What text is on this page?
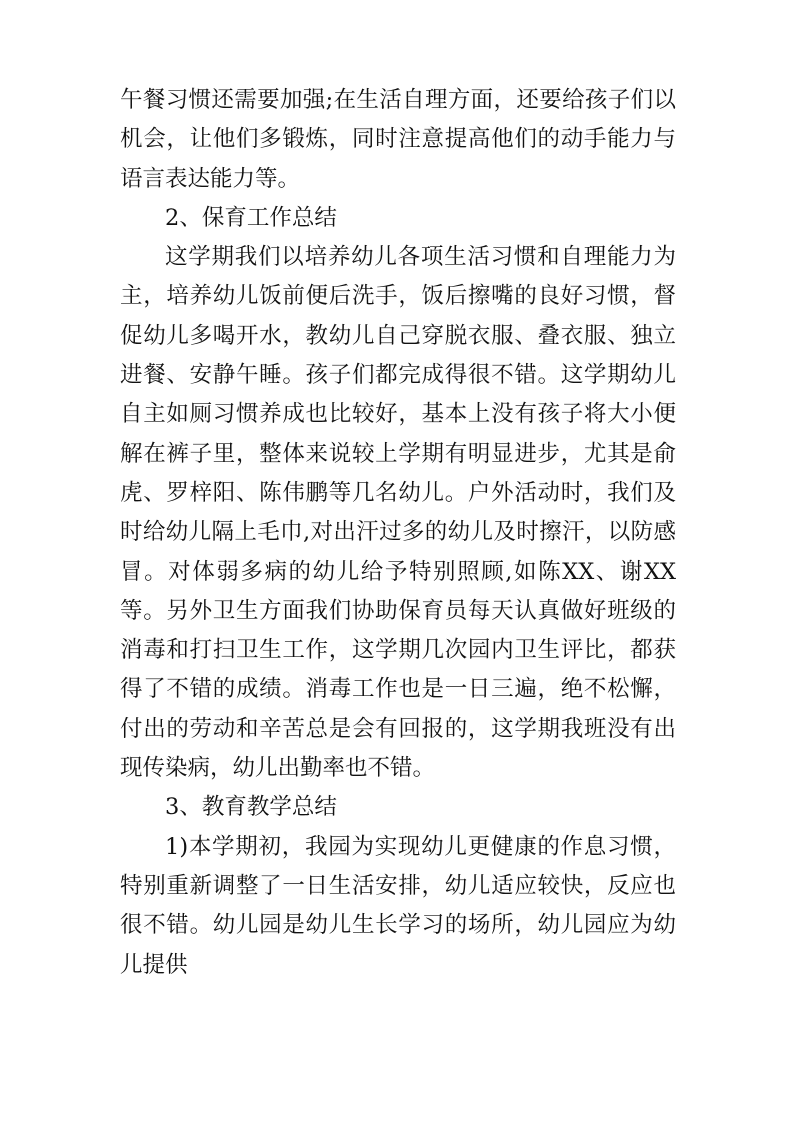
午餐习惯还需要加强;在生活自理方面，还要给孩子们以机会，让他们多锻炼，同时注意提高他们的动手能力与语言表达能力等。

2、保育工作总结

这学期我们以培养幼儿各项生活习惯和自理能力为主，培养幼儿饭前便后洗手，饭后擦嘴的良好习惯，督促幼儿多喝开水，教幼儿自己穿脱衣服、叠衣服、独立进餐、安静午睡。孩子们都完成得很不错。这学期幼儿自主如厕习惯养成也比较好，基本上没有孩子将大小便解在裤子里，整体来说较上学期有明显进步，尤其是俞虎、罗梓阳、陈伟鹏等几名幼儿。户外活动时，我们及时给幼儿隔上毛巾,对出汗过多的幼儿及时擦汗，以防感冒。对体弱多病的幼儿给予特别照顾,如陈XX、谢XX等。另外卫生方面我们协助保育员每天认真做好班级的消毒和打扫卫生工作，这学期几次园内卫生评比，都获得了不错的成绩。消毒工作也是一日三遍，绝不松懈，付出的劳动和辛苦总是会有回报的，这学期我班没有出现传染病，幼儿出勤率也不错。

3、教育教学总结

1)本学期初，我园为实现幼儿更健康的作息习惯，特别重新调整了一日生活安排，幼儿适应较快，反应也很不错。幼儿园是幼儿生长学习的场所，幼儿园应为幼儿提供
